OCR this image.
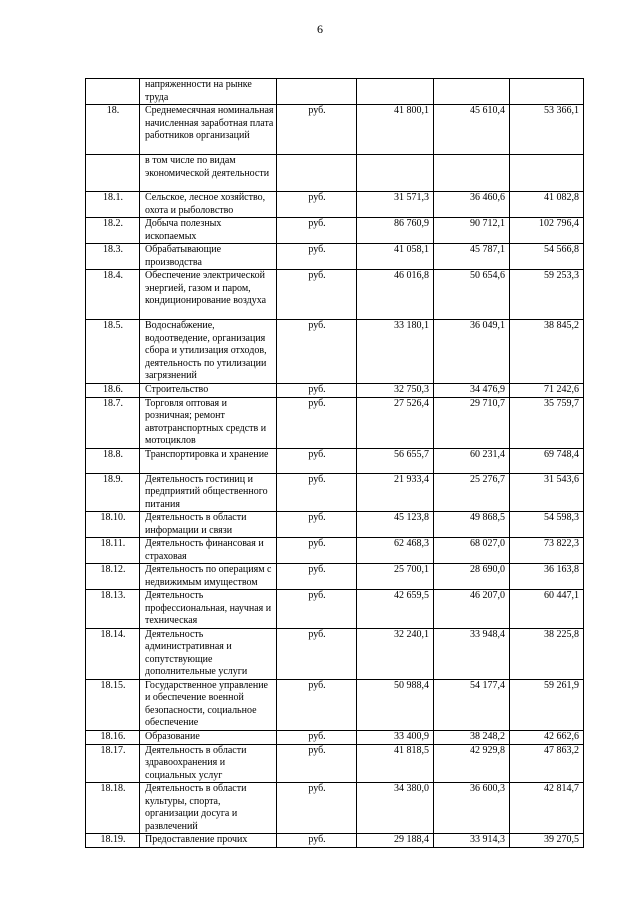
6
	напряженности на рынке труда				
18.	Среднемесячная номинальная начисленная заработная плата работников организаций	руб.	41 800,1	45 610,4	53 366,1
	в том числе по видам экономической деятельности				
18.1.	Сельское, лесное хозяйство, охота и рыболовство	руб.	31 571,3	36 460,6	41 082,8
18.2.	Добыча полезных ископаемых	руб.	86 760,9	90 712,1	102 796,4
18.3.	Обрабатывающие производства	руб.	41 058,1	45 787,1	54 566,8
18.4.	Обеспечение электрической энергией, газом и паром, кондиционирование воздуха	руб.	46 016,8	50 654,6	59 253,3
18.5.	Водоснабжение, водоотведение, организация сбора и утилизация отходов, деятельность по утилизации загрязнений	руб.	33 180,1	36 049,1	38 845,2
18.6.	Строительство	руб.	32 750,3	34 476,9	71 242,6
18.7.	Торговля оптовая и розничная; ремонт автотранспортных средств и мотоциклов	руб.	27 526,4	29 710,7	35 759,7
18.8.	Транспортировка и хранение	руб.	56 655,7	60 231,4	69 748,4
18.9.	Деятельность гостиниц и предприятий общественного питания	руб.	21 933,4	25 276,7	31 543,6
18.10.	Деятельность в области информации и связи	руб.	45 123,8	49 868,5	54 598,3
18.11.	Деятельность финансовая и страховая	руб.	62 468,3	68 027,0	73 822,3
18.12.	Деятельность по операциям с недвижимым имуществом	руб.	25 700,1	28 690,0	36 163,8
18.13.	Деятельность профессиональная, научная и техническая	руб.	42 659,5	46 207,0	60 447,1
18.14.	Деятельность административная и сопутствующие дополнительные услуги	руб.	32 240,1	33 948,4	38 225,8
18.15.	Государственное управление и обеспечение военной безопасности, социальное обеспечение	руб.	50 988,4	54 177,4	59 261,9
18.16.	Образование	руб.	33 400,9	38 248,2	42 662,6
18.17.	Деятельность в области здравоохранения и социальных услуг	руб.	41 818,5	42 929,8	47 863,2
18.18.	Деятельность в области культуры, спорта, организации досуга и развлечений	руб.	34 380,0	36 600,3	42 814,7
18.19.	Предоставление прочих	руб.	29 188,4	33 914,3	39 270,5
